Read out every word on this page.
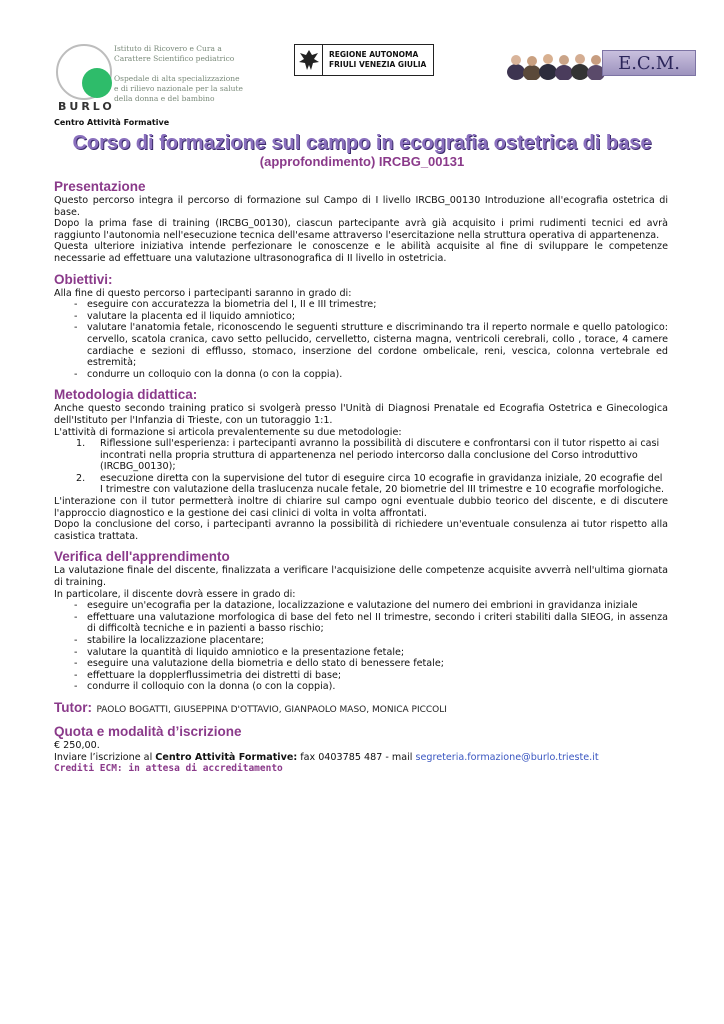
BURLO
Istituto di Ricovero e Cura a
Carattere Scientifico pediatrico
Ospedale di alta specializzazione
e di rilievo nazionale per la salute
della donna e del bambino
REGIONE AUTONOMA
FRIULI VENEZIA GIULIA	E.C.M.
Centro Attività Formative
Corso di formazione sul campo in ecografia ostetrica di base
(approfondimento) IRCBG_00131
Presentazione

Questo percorso integra il percorso di formazione sul Campo di I livello IRCBG_00130 Introduzione all'ecografia ostetrica di base.

Dopo la prima fase di training (IRCBG_00130), ciascun partecipante avrà già acquisito i primi rudimenti tecnici ed avrà raggiunto l'autonomia nell'esecuzione tecnica dell'esame attraverso l'esercitazione nella struttura operativa di appartenenza.

Questa ulteriore iniziativa intende perfezionare le conoscenze e le abilità acquisite al fine di sviluppare le competenze necessarie ad effettuare una valutazione ultrasonografica di II livello in ostetricia.

Obiettivi:

Alla fine di questo percorso i partecipanti saranno in grado di:

- eseguire con accuratezza la biometria del I, II e III trimestre;
- valutare la placenta ed il liquido amniotico;
- valutare l'anatomia fetale, riconoscendo le seguenti strutture e discriminando tra il reperto normale e quello patologico: cervello, scatola cranica, cavo setto pellucido, cervelletto, cisterna magna, ventricoli cerebrali, collo , torace, 4 camere cardiache e sezioni di efflusso, stomaco, inserzione del cordone ombelicale, reni, vescica, colonna vertebrale ed estremità;
- condurre un colloquio con la donna (o con la coppia).
Metodologia didattica:

Anche questo secondo training pratico si svolgerà presso l'Unità di Diagnosi Prenatale ed Ecografia Ostetrica e Ginecologica dell'Istituto per l'Infanzia di Trieste, con un tutoraggio 1:1.

L'attività di formazione si articola prevalentemente su due metodologie:

1. Riflessione sull'esperienza: i partecipanti avranno la possibilità di discutere e confrontarsi con il tutor rispetto ai casi incontrati nella propria struttura di appartenenza nel periodo intercorso dalla conclusione del Corso introduttivo (IRCBG_00130);
2. esecuzione diretta con la supervisione del tutor di eseguire circa 10 ecografie in gravidanza iniziale, 20 ecografie del I trimestre con valutazione della traslucenza nucale fetale, 20 biometrie del III trimestre e 10 ecografie morfologiche.

L'interazione con il tutor permetterà inoltre di chiarire sul campo ogni eventuale dubbio teorico del discente, e di discutere l'approccio diagnostico e la gestione dei casi clinici di volta in volta affrontati.

Dopo la conclusione del corso, i partecipanti avranno la possibilità di richiedere un'eventuale consulenza ai tutor rispetto alla casistica trattata.

Verifica dell'apprendimento

La valutazione finale del discente, finalizzata a verificare l'acquisizione delle competenze acquisite avverrà nell'ultima giornata di training.

In particolare, il discente dovrà essere in grado di:

- eseguire un'ecografia per la datazione, localizzazione e valutazione del numero dei embrioni in gravidanza iniziale
- effettuare una valutazione morfologica di base del feto nel II trimestre, secondo i criteri stabiliti dalla SIEOG, in assenza di difficoltà tecniche e in pazienti a basso rischio;
- stabilire la localizzazione placentare;
- valutare la quantità di liquido amniotico e la presentazione fetale;
- eseguire una valutazione della biometria e dello stato di benessere fetale;
- effettuare la dopplerflussimetria dei distretti di base;
- condurre il colloquio con la donna (o con la coppia).
Tutor: PAOLO BOGATTI, GIUSEPPINA D'OTTAVIO, GIANPAOLO MASO, MONICA PICCOLI
Quota e modalità d’iscrizione

€ 250,00.

Inviare l’iscrizione al Centro Attività Formative: fax 0403785 487 - mail segreteria.formazione@burlo.trieste.it

Crediti ECM: in attesa di accreditamento
